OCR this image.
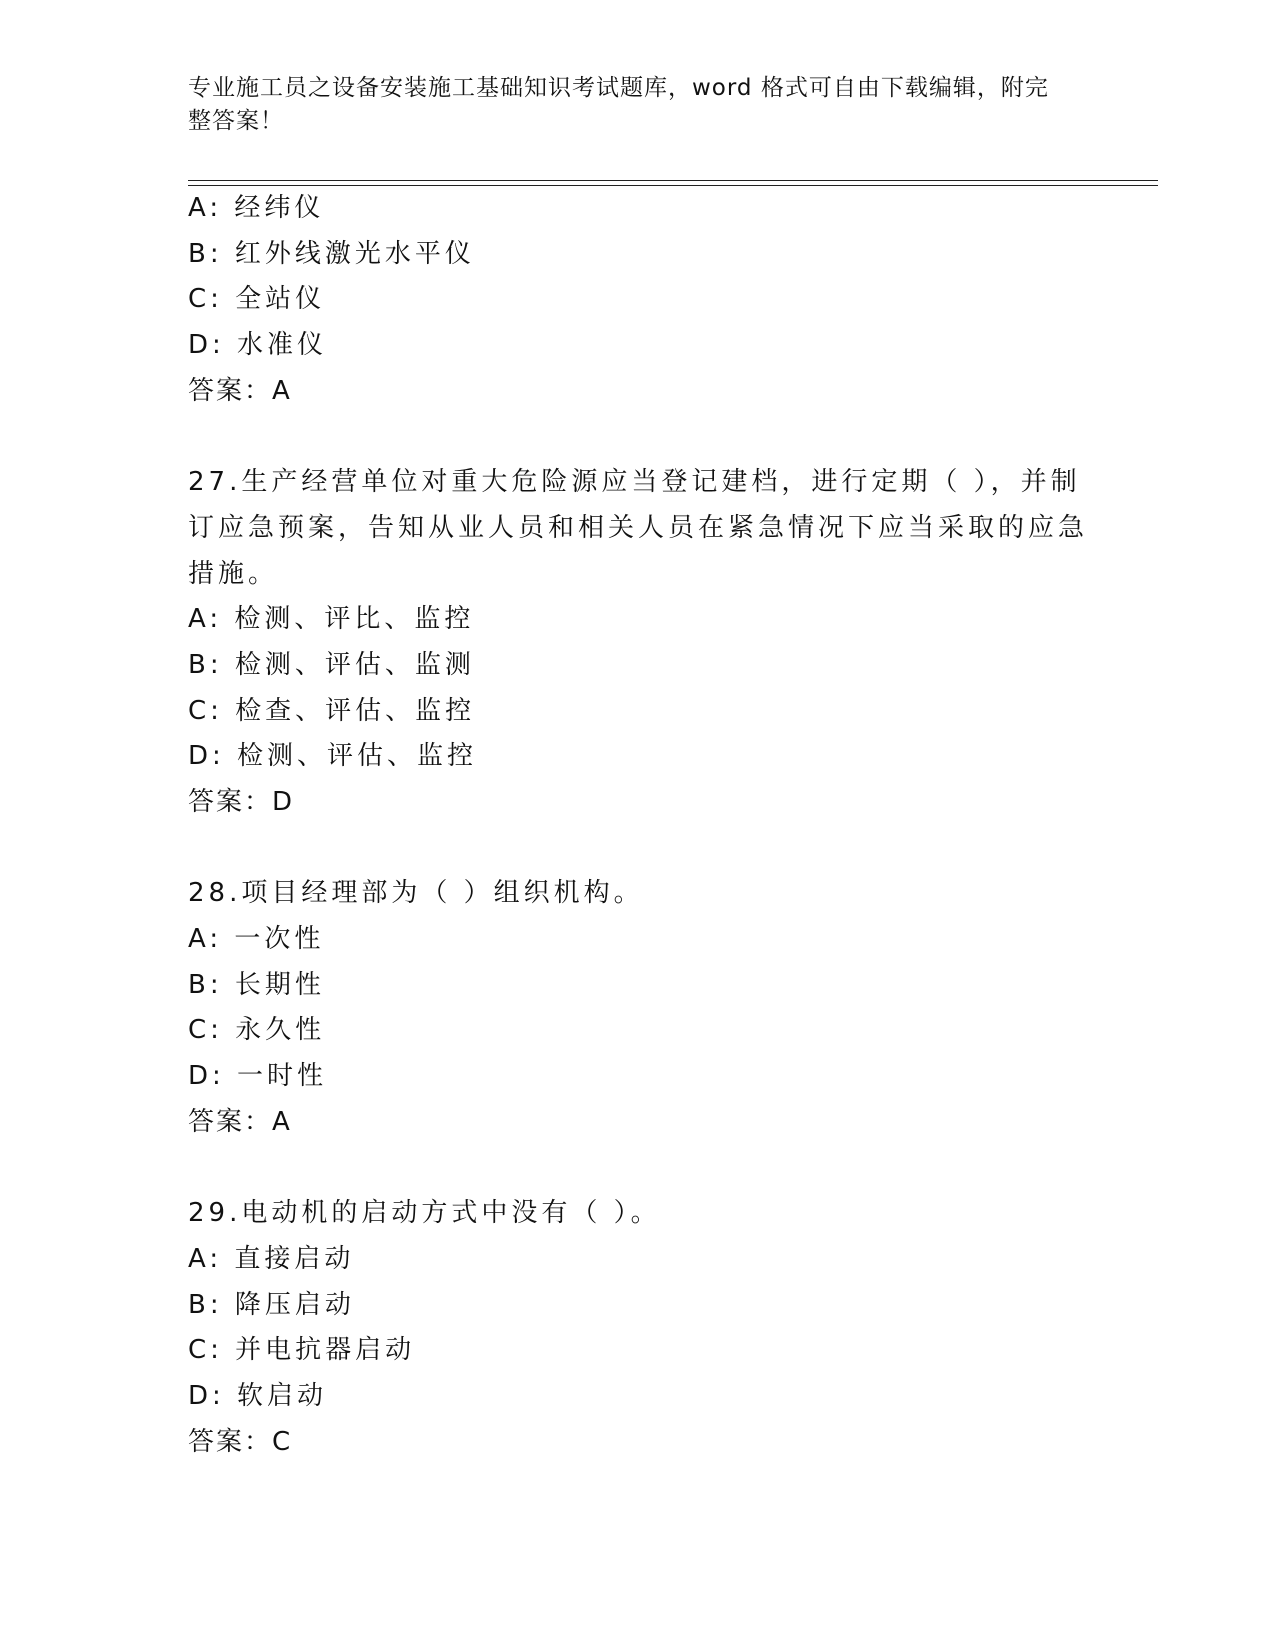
专业施工员之设备安装施工基础知识考试题库，word 格式可自由下载编辑，附完
整答案！
A: 经纬仪
B: 红外线激光水平仪
C: 全站仪
D: 水准仪
答案：A
27.生产经营单位对重大危险源应当登记建档，进行定期（ ），并制
订应急预案，告知从业人员和相关人员在紧急情况下应当采取的应急
措施。
A: 检测、评比、监控
B: 检测、评估、监测
C: 检查、评估、监控
D: 检测、评估、监控
答案：D
28.项目经理部为（ ）组织机构。
A: 一次性
B: 长期性
C: 永久性
D: 一时性
答案：A
29.电动机的启动方式中没有（ ）。
A: 直接启动
B: 降压启动
C: 并电抗器启动
D: 软启动
答案：C
